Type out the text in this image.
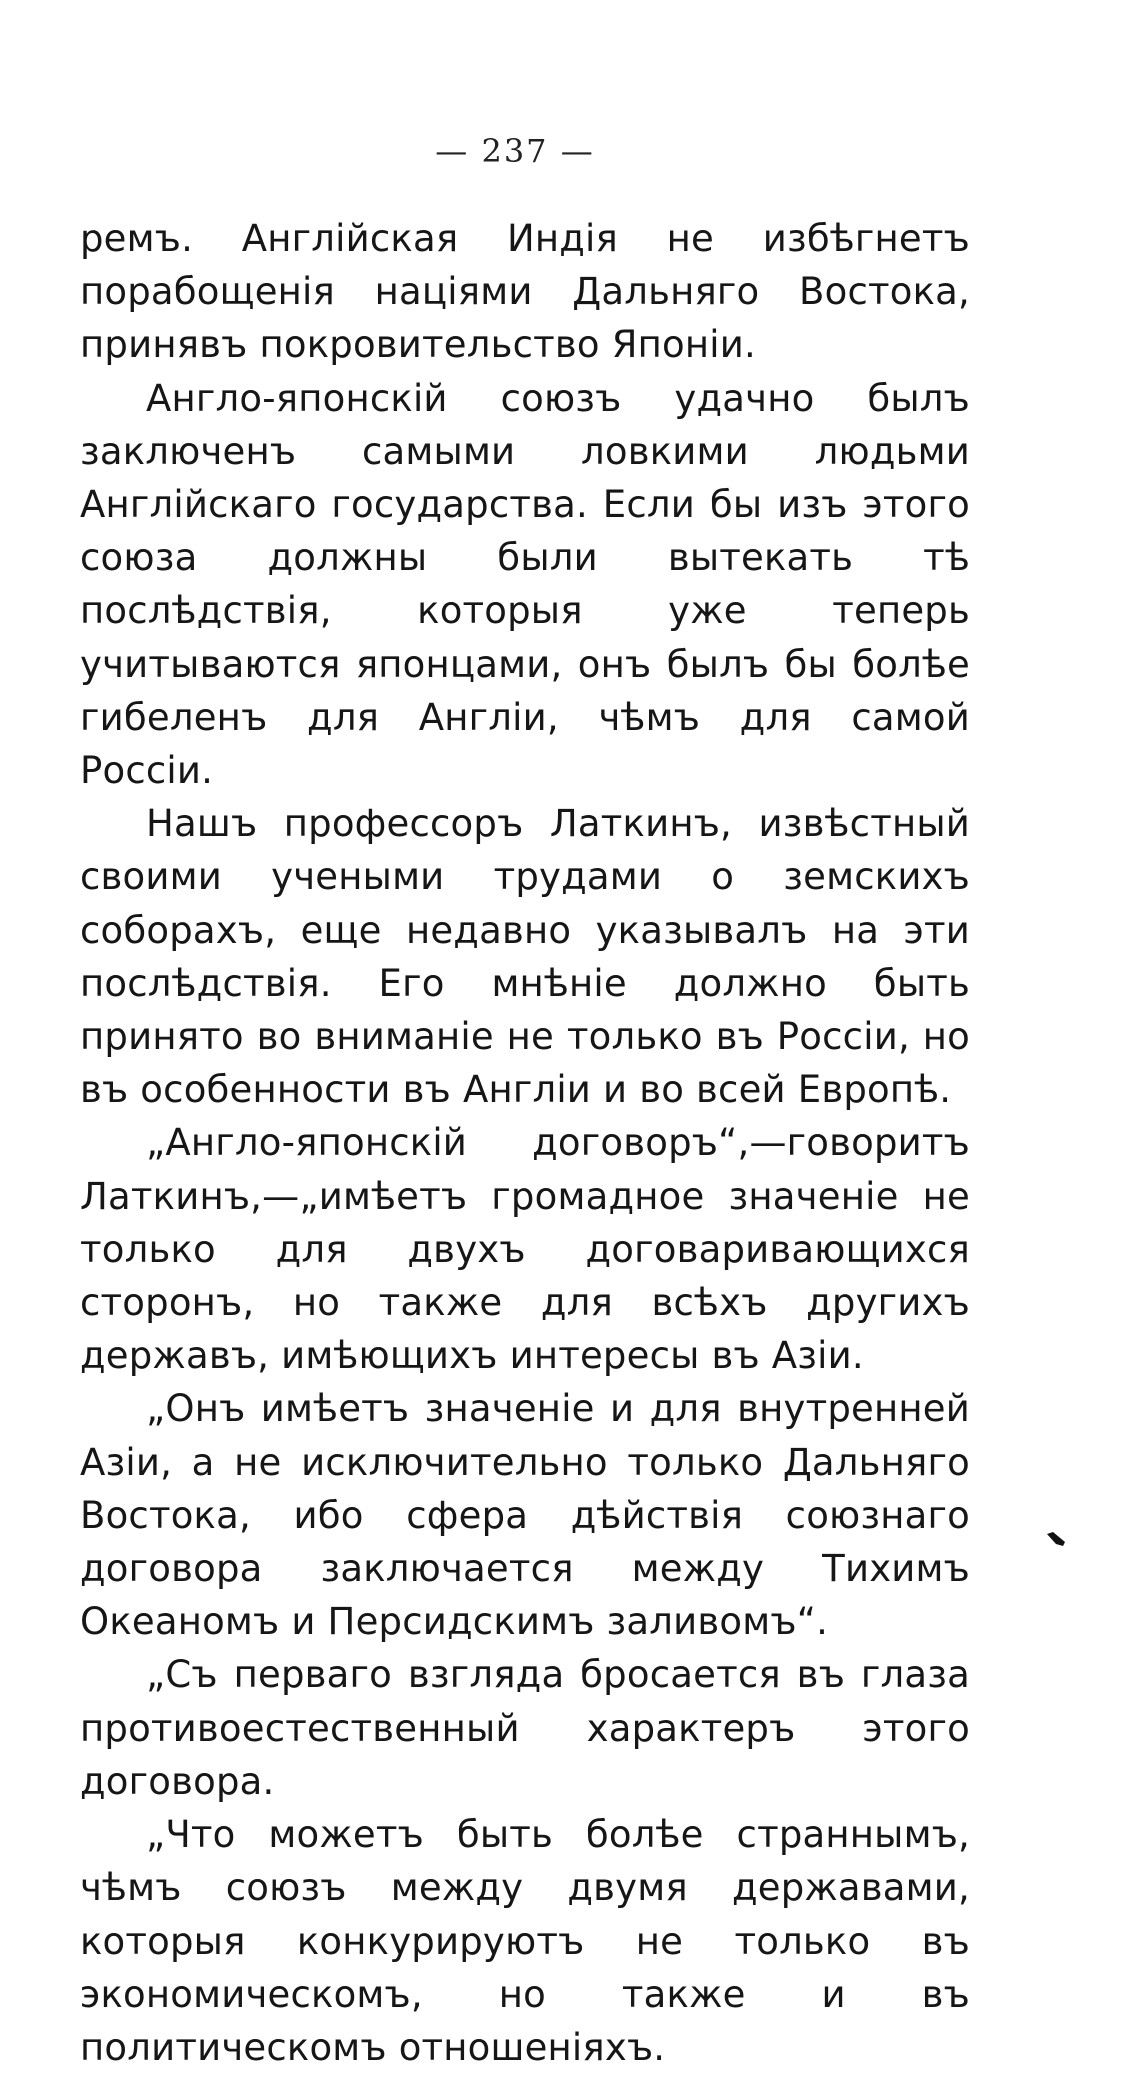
— 237 —

ремъ. Англійская Индія не избѣгнетъ порабощенія націями Дальняго Востока, принявъ покровительство Японіи.

Англо-японскій союзъ удачно былъ заключенъ самыми ловкими людьми Англійскаго государства. Если бы изъ этого союза должны были вытекать тѣ послѣдствія, которыя уже теперь учитываются японцами, онъ былъ бы болѣе гибеленъ для Англіи, чѣмъ для самой Россіи.

Нашъ профессоръ Латкинъ, извѣстный своими учеными трудами о земскихъ соборахъ, еще недавно указывалъ на эти послѣдствія. Его мнѣніе должно быть принято во вниманіе не только въ Россіи, но въ особенности въ Англіи и во всей Европѣ.

„Англо-японскій договоръ“,—говоритъ Латкинъ,—„имѣетъ громадное значеніе не только для двухъ договаривающихся сторонъ, но также для всѣхъ другихъ державъ, имѣющихъ интересы въ Азіи.

„Онъ имѣетъ значеніе и для внутренней Азіи, а не исключительно только Дальняго Востока, ибо сфера дѣйствія союзнаго договора заключается между Тихимъ Океаномъ и Персидскимъ заливомъ“.

„Съ перваго взгляда бросается въ глаза противоестественный характеръ этого договора.

„Что можетъ быть болѣе страннымъ, чѣмъ союзъ между двумя державами, которыя конкурируютъ не только въ экономическомъ, но также и въ политическомъ отношеніяхъ.
